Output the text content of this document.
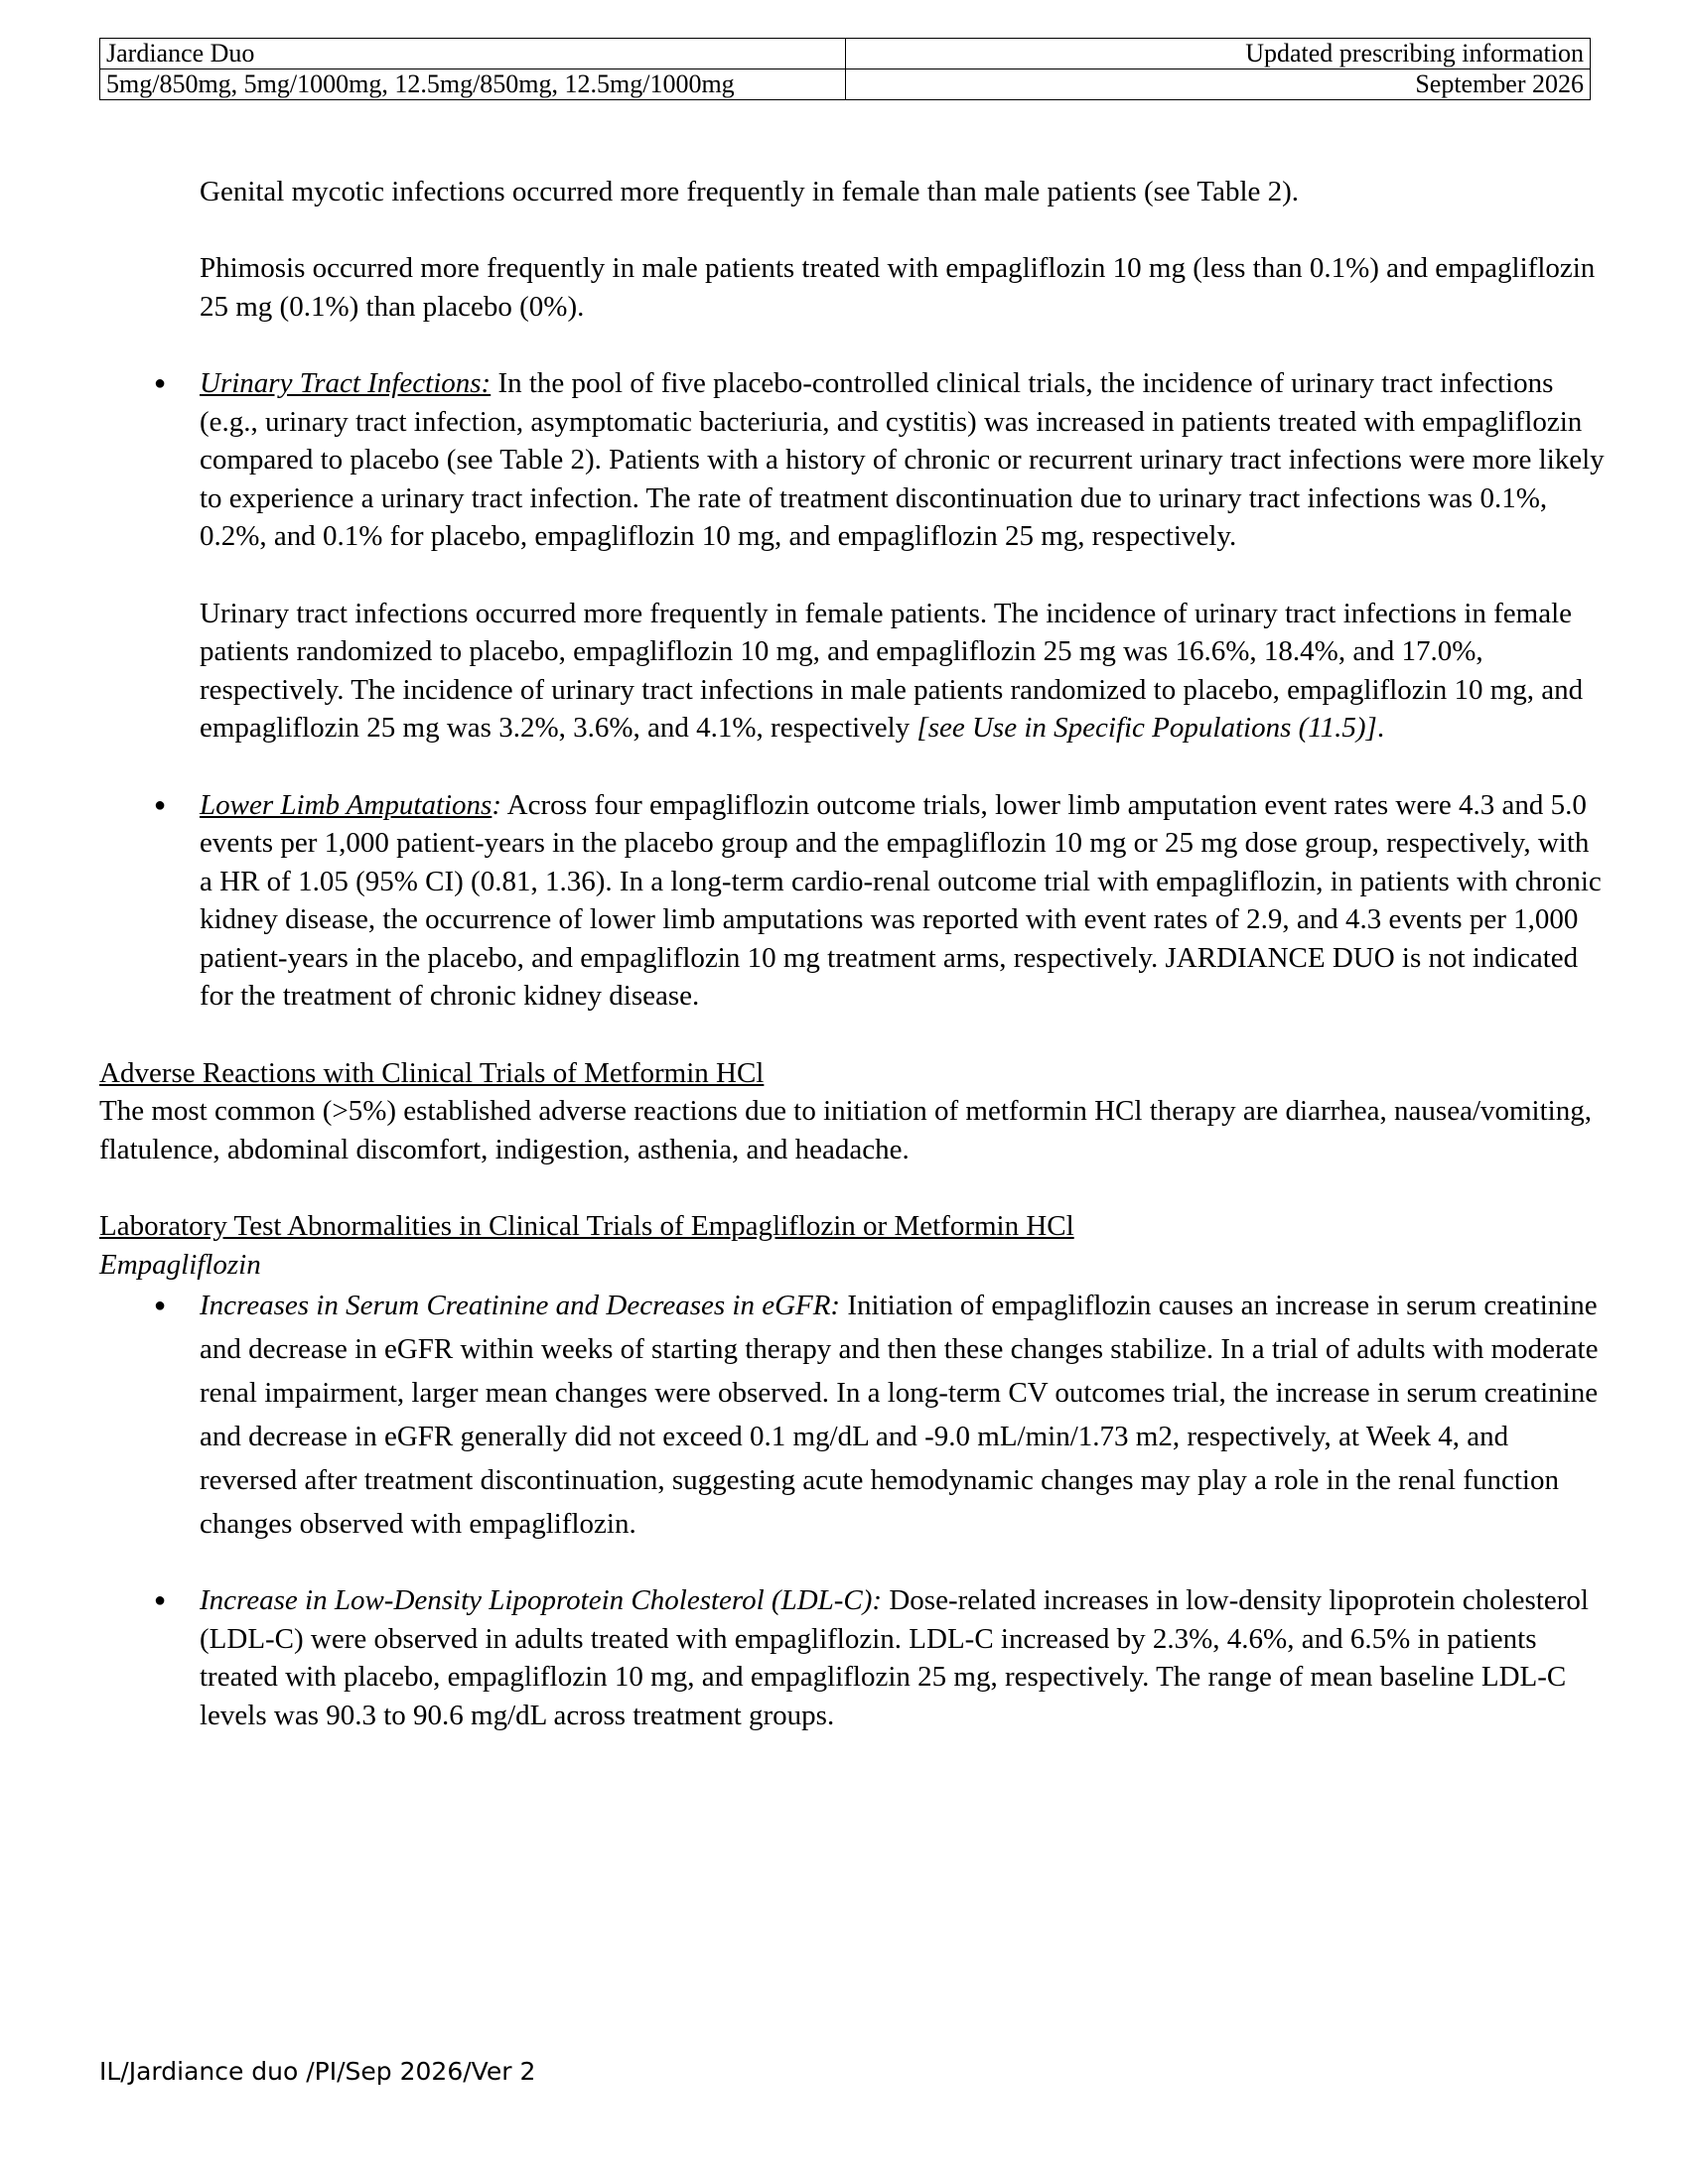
Jardiance Duo	Updated prescribing information
5mg/850mg, 5mg/1000mg, 12.5mg/850mg, 12.5mg/1000mg	September 2026

Genital mycotic infections occurred more frequently in female than male patients (see Table 2).

Phimosis occurred more frequently in male patients treated with empagliflozin 10 mg (less than 0.1%) and empagliflozin 25 mg (0.1%) than placebo (0%).

● Urinary Tract Infections: In the pool of five placebo-controlled clinical trials, the incidence of urinary tract infections (e.g., urinary tract infection, asymptomatic bacteriuria, and cystitis) was increased in patients treated with empagliflozin compared to placebo (see Table 2). Patients with a history of chronic or recurrent urinary tract infections were more likely to experience a urinary tract infection. The rate of treatment discontinuation due to urinary tract infections was 0.1%, 0.2%, and 0.1% for placebo, empagliflozin 10 mg, and empagliflozin 25 mg, respectively.

Urinary tract infections occurred more frequently in female patients. The incidence of urinary tract infections in female patients randomized to placebo, empagliflozin 10 mg, and empagliflozin 25 mg was 16.6%, 18.4%, and 17.0%, respectively. The incidence of urinary tract infections in male patients randomized to placebo, empagliflozin 10 mg, and empagliflozin 25 mg was 3.2%, 3.6%, and 4.1%, respectively [see Use in Specific Populations (11.5)].

● Lower Limb Amputations: Across four empagliflozin outcome trials, lower limb amputation event rates were 4.3 and 5.0 events per 1,000 patient-years in the placebo group and the empagliflozin 10 mg or 25 mg dose group, respectively, with a HR of 1.05 (95% CI) (0.81, 1.36). In a long-term cardio-renal outcome trial with empagliflozin, in patients with chronic kidney disease, the occurrence of lower limb amputations was reported with event rates of 2.9, and 4.3 events per 1,000 patient-years in the placebo, and empagliflozin 10 mg treatment arms, respectively. JARDIANCE DUO is not indicated for the treatment of chronic kidney disease.

Adverse Reactions with Clinical Trials of Metformin HCl

The most common (>5%) established adverse reactions due to initiation of metformin HCl therapy are diarrhea, nausea/vomiting, flatulence, abdominal discomfort, indigestion, asthenia, and headache.

Laboratory Test Abnormalities in Clinical Trials of Empagliflozin or Metformin HCl

Empagliflozin

● Increases in Serum Creatinine and Decreases in eGFR: Initiation of empagliflozin causes an increase in serum creatinine and decrease in eGFR within weeks of starting therapy and then these changes stabilize. In a trial of adults with moderate renal impairment, larger mean changes were observed. In a long-term CV outcomes trial, the increase in serum creatinine and decrease in eGFR generally did not exceed 0.1 mg/dL and -9.0 mL/min/1.73 m2, respectively, at Week 4, and reversed after treatment discontinuation, suggesting acute hemodynamic changes may play a role in the renal function changes observed with empagliflozin.

● Increase in Low-Density Lipoprotein Cholesterol (LDL-C): Dose-related increases in low-density lipoprotein cholesterol (LDL-C) were observed in adults treated with empagliflozin. LDL-C increased by 2.3%, 4.6%, and 6.5% in patients treated with placebo, empagliflozin 10 mg, and empagliflozin 25 mg, respectively. The range of mean baseline LDL-C levels was 90.3 to 90.6 mg/dL across treatment groups.

IL/Jardiance duo /PI/Sep 2026/Ver 2
